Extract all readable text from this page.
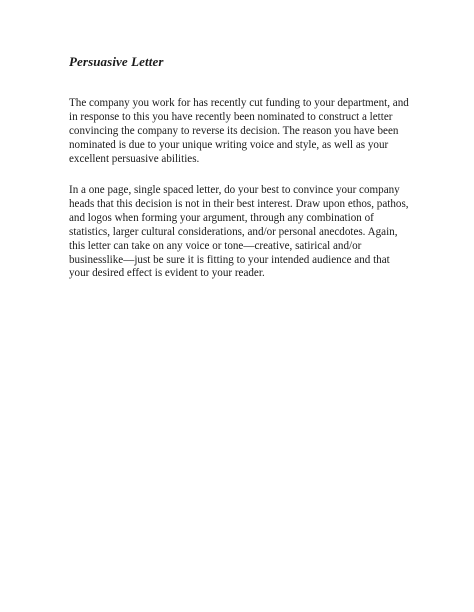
Persuasive Letter

The company you work for has recently cut funding to your department, and
in response to this you have recently been nominated to construct a letter
convincing the company to reverse its decision. The reason you have been
nominated is due to your unique writing voice and style, as well as your
excellent persuasive abilities.

In a one page, single spaced letter, do your best to convince your company
heads that this decision is not in their best interest. Draw upon ethos, pathos,
and logos when forming your argument, through any combination of
statistics, larger cultural considerations, and/or personal anecdotes. Again,
this letter can take on any voice or tone—creative, satirical and/or
businesslike—just be sure it is fitting to your intended audience and that
your desired effect is evident to your reader.
